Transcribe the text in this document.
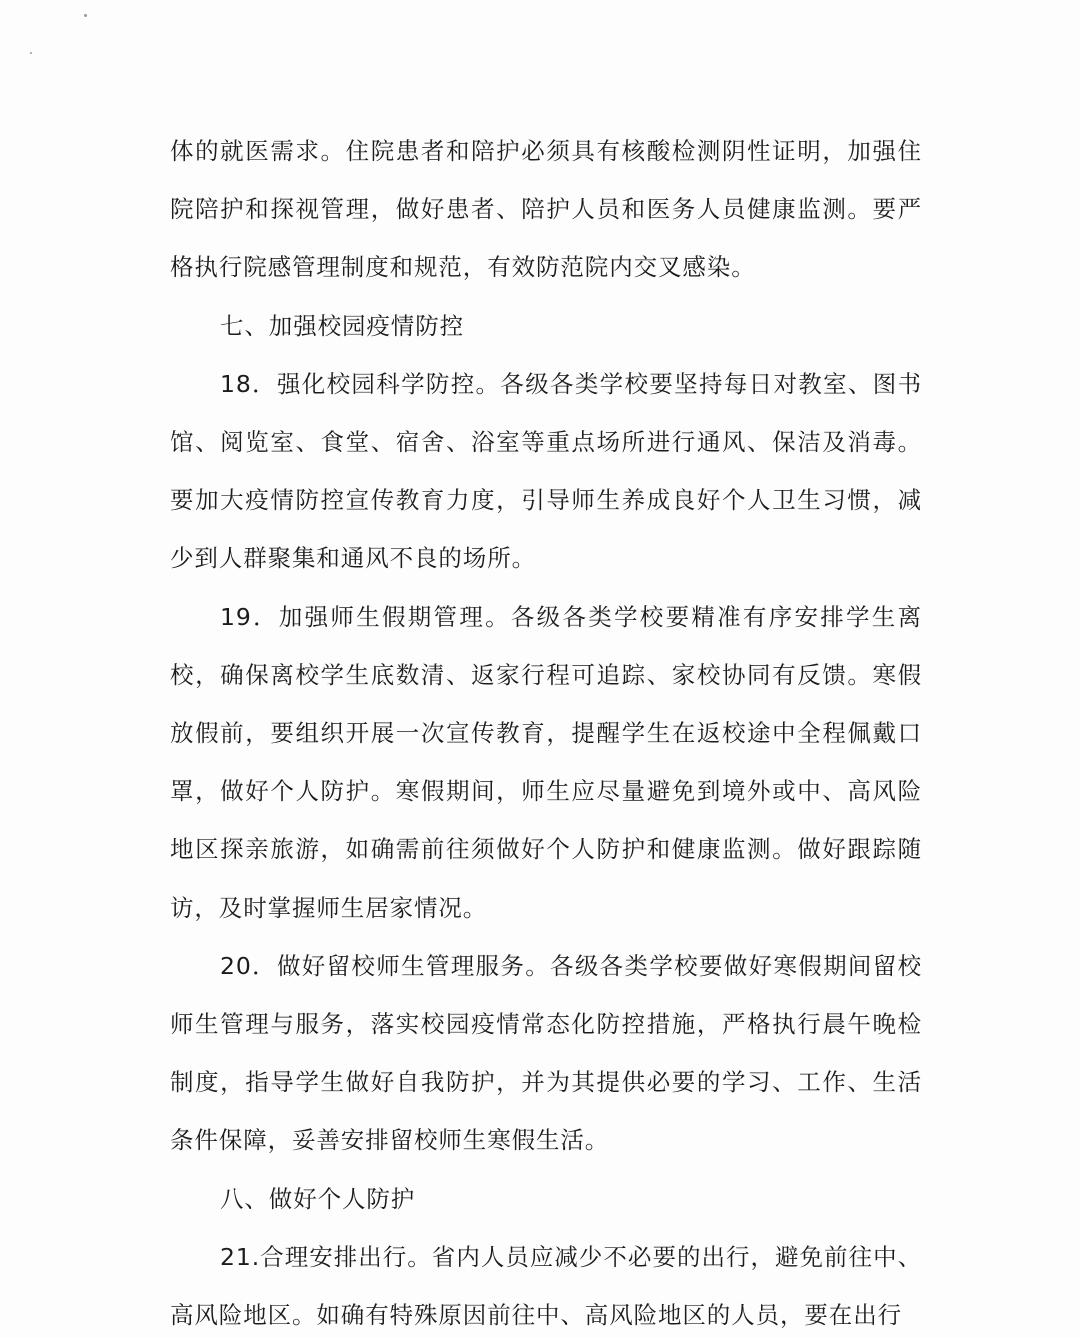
体的就医需求。住院患者和陪护必须具有核酸检测阴性证明，加强住院陪护和探视管理，做好患者、陪护人员和医务人员健康监测。要严格执行院感管理制度和规范，有效防范院内交叉感染。

七、加强校园疫情防控

18．强化校园科学防控。各级各类学校要坚持每日对教室、图书馆、阅览室、食堂、宿舍、浴室等重点场所进行通风、保洁及消毒。要加大疫情防控宣传教育力度，引导师生养成良好个人卫生习惯，减少到人群聚集和通风不良的场所。

19．加强师生假期管理。各级各类学校要精准有序安排学生离校，确保离校学生底数清、返家行程可追踪、家校协同有反馈。寒假放假前，要组织开展一次宣传教育，提醒学生在返校途中全程佩戴口罩，做好个人防护。寒假期间，师生应尽量避免到境外或中、高风险地区探亲旅游，如确需前往须做好个人防护和健康监测。做好跟踪随访，及时掌握师生居家情况。

20．做好留校师生管理服务。各级各类学校要做好寒假期间留校师生管理与服务，落实校园疫情常态化防控措施，严格执行晨午晚检制度，指导学生做好自我防护，并为其提供必要的学习、工作、生活条件保障，妥善安排留校师生寒假生活。

八、做好个人防护

21.合理安排出行。省内人员应减少不必要的出行，避免前往中、高风险地区。如确有特殊原因前往中、高风险地区的人员，要在出行
